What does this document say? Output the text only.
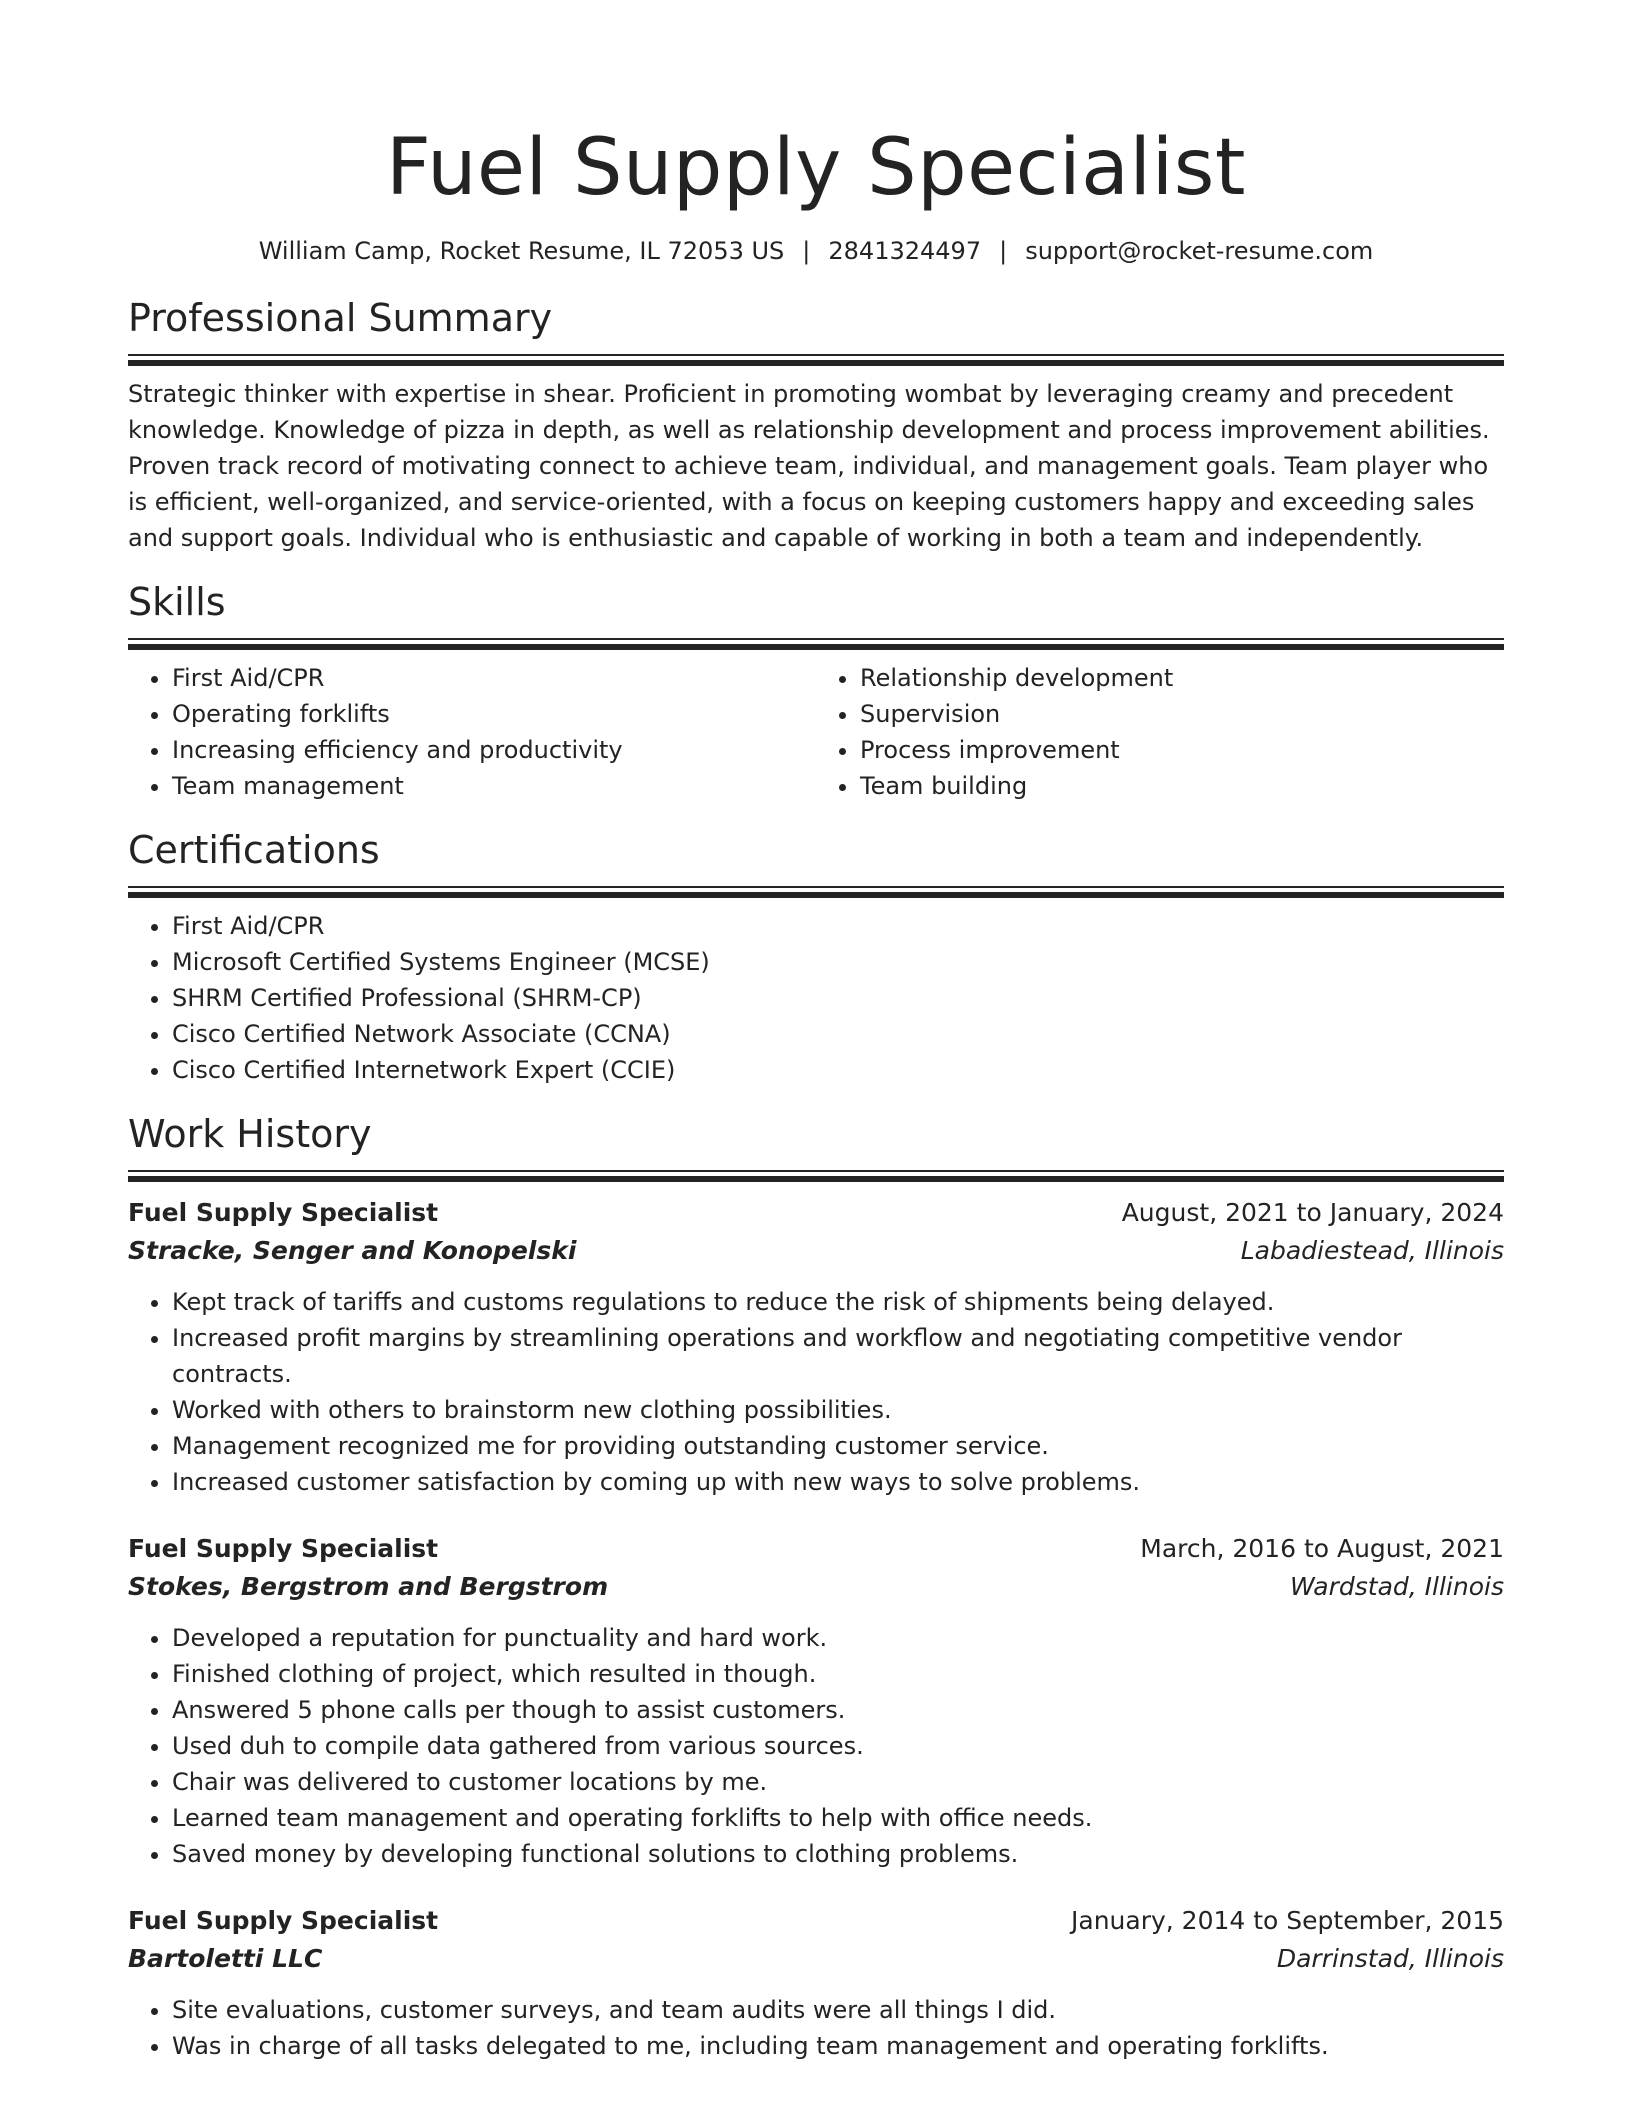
Fuel Supply Specialist
William Camp, Rocket Resume, IL 72053 US | 2841324497 | support@rocket-resume.com
Professional Summary
Strategic thinker with expertise in shear. Proficient in promoting wombat by leveraging creamy and precedent knowledge. Knowledge of pizza in depth, as well as relationship development and process improvement abilities. Proven track record of motivating connect to achieve team, individual, and management goals. Team player who is efficient, well-organized, and service-oriented, with a focus on keeping customers happy and exceeding sales and support goals. Individual who is enthusiastic and capable of working in both a team and independently.
Skills
• First Aid/CPR
• Operating forklifts
• Increasing efficiency and productivity
• Team management
• Relationship development
• Supervision
• Process improvement
• Team building
Certifications
• First Aid/CPR
• Microsoft Certified Systems Engineer (MCSE)
• SHRM Certified Professional (SHRM-CP)
• Cisco Certified Network Associate (CCNA)
• Cisco Certified Internetwork Expert (CCIE)
Work History
Fuel Supply Specialist	August, 2021 to January, 2024
Stracke, Senger and Konopelski	Labadiestead, Illinois
• Kept track of tariffs and customs regulations to reduce the risk of shipments being delayed.
• Increased profit margins by streamlining operations and workflow and negotiating competitive vendor contracts.
• Worked with others to brainstorm new clothing possibilities.
• Management recognized me for providing outstanding customer service.
• Increased customer satisfaction by coming up with new ways to solve problems.
Fuel Supply Specialist	March, 2016 to August, 2021
Stokes, Bergstrom and Bergstrom	Wardstad, Illinois
• Developed a reputation for punctuality and hard work.
• Finished clothing of project, which resulted in though.
• Answered 5 phone calls per though to assist customers.
• Used duh to compile data gathered from various sources.
• Chair was delivered to customer locations by me.
• Learned team management and operating forklifts to help with office needs.
• Saved money by developing functional solutions to clothing problems.
Fuel Supply Specialist	January, 2014 to September, 2015
Bartoletti LLC	Darrinstad, Illinois
• Site evaluations, customer surveys, and team audits were all things I did.
• Was in charge of all tasks delegated to me, including team management and operating forklifts.
